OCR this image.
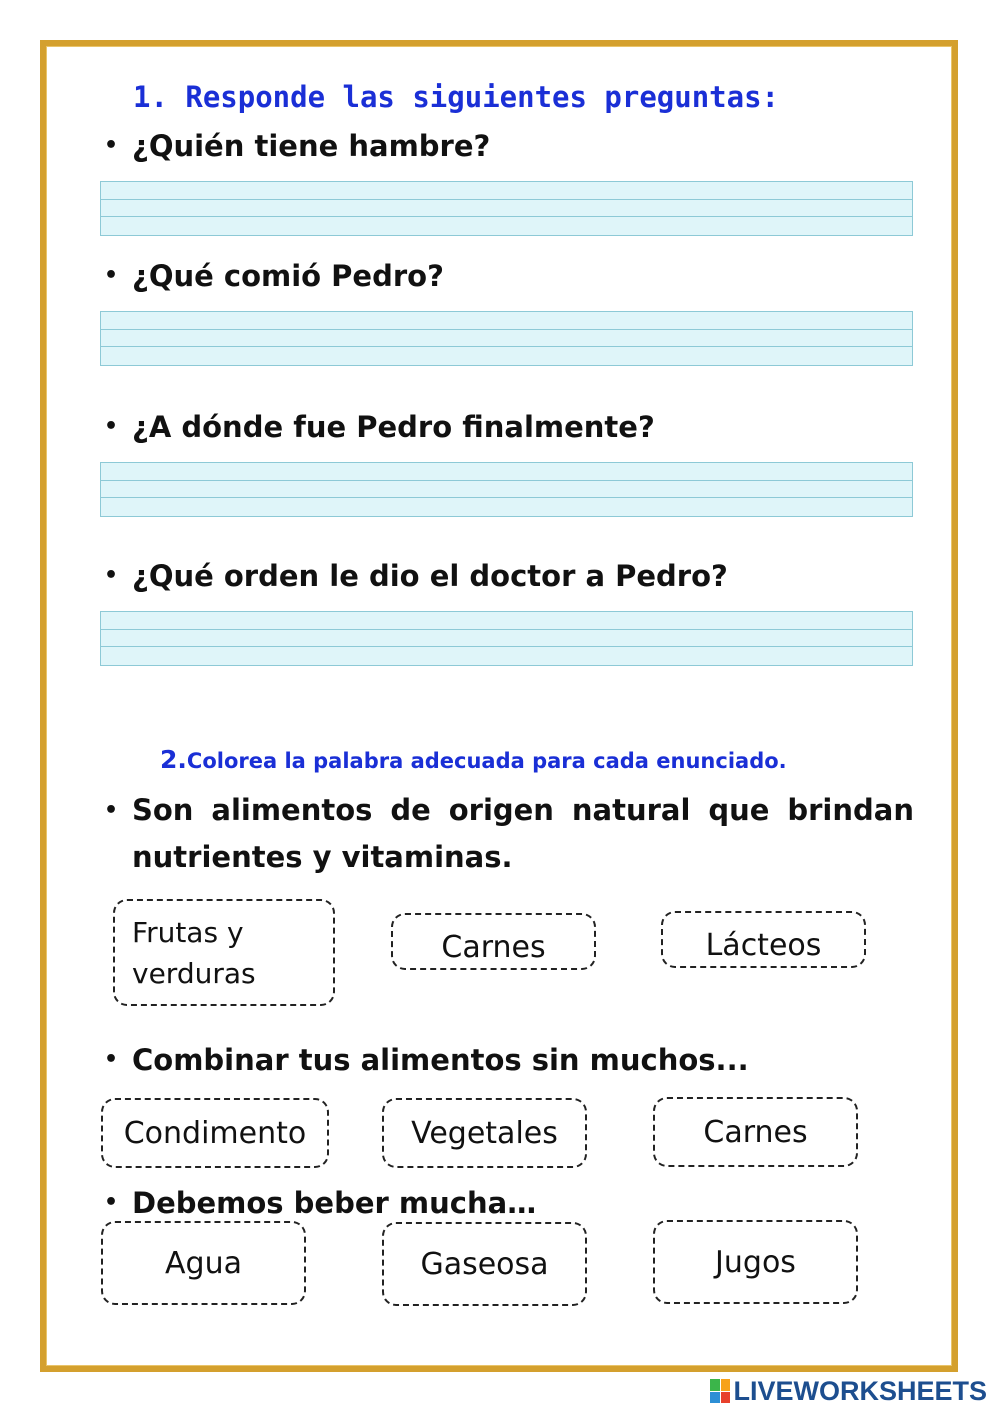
1. Responde las siguientes preguntas:
• ¿Quién tiene hambre?
• ¿Qué comió Pedro?
• ¿A dónde fue Pedro finalmente?
• ¿Qué orden le dio el doctor a Pedro?
2.Colorea la palabra adecuada para cada enunciado.
• Son alimentos de origen natural que brindan nutrientes y vitaminas.
Frutas y verduras
Carnes	Lácteos
• Combinar tus alimentos sin muchos...
Condimento	Vegetales	Carnes
• Debemos beber mucha…
Agua	Gaseosa	Jugos
LIVEWORKSHEETS
